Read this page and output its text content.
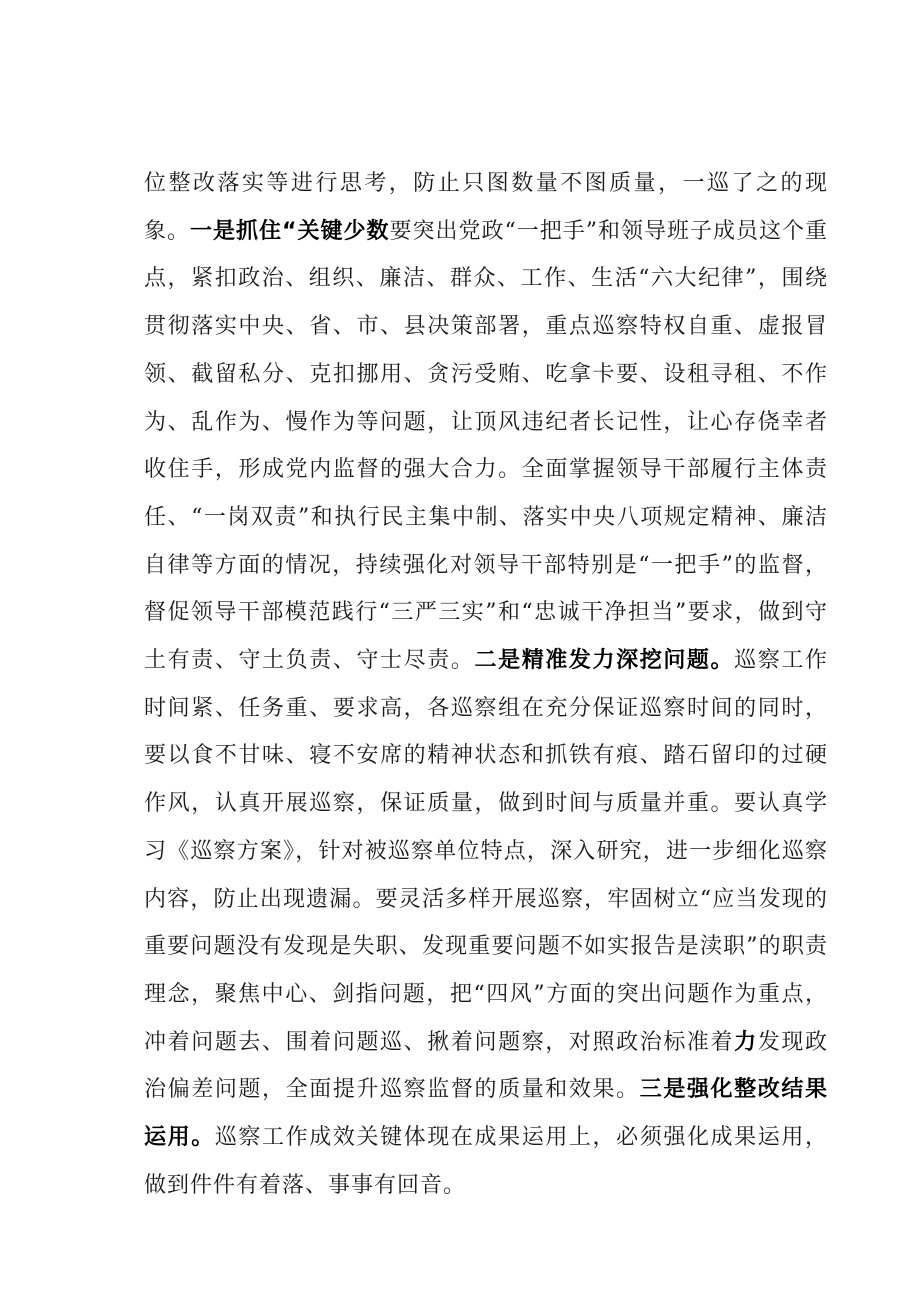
位整改落实等进行思考，防止只图数量不图质量，一巡了之的现象。一是抓住“关键少数要突出党政“一把手”和领导班子成员这个重点，紧扣政治、组织、廉洁、群众、工作、生活“六大纪律”，围绕贯彻落实中央、省、市、县决策部署，重点巡察特权自重、虚报冒领、截留私分、克扣挪用、贪污受贿、吃拿卡要、设租寻租、不作为、乱作为、慢作为等问题，让顶风违纪者长记性，让心存侥幸者收住手，形成党内监督的强大合力。全面掌握领导干部履行主体责任、“一岗双责”和执行民主集中制、落实中央八项规定精神、廉洁自律等方面的情况，持续强化对领导干部特别是“一把手”的监督，督促领导干部模范践行“三严三实”和“忠诚干净担当”要求，做到守土有责、守土负责、守士尽责。二是精准发力深挖问题。巡察工作时间紧、任务重、要求高，各巡察组在充分保证巡察时间的同时，要以食不甘味、寝不安席的精神状态和抓铁有痕、踏石留印的过硬作风，认真开展巡察，保证质量，做到时间与质量并重。要认真学习《巡察方案》，针对被巡察单位特点，深入研究，进一步细化巡察内容，防止出现遗漏。要灵活多样开展巡察，牢固树立“应当发现的重要问题没有发现是失职、发现重要问题不如实报告是渎职”的职责理念，聚焦中心、剑指问题，把“四风”方面的突出问题作为重点，冲着问题去、围着问题巡、揪着问题察，对照政治标准着力发现政治偏差问题，全面提升巡察监督的质量和效果。三是强化整改结果运用。巡察工作成效关键体现在成果运用上，必须强化成果运用，做到件件有着落、事事有回音。
